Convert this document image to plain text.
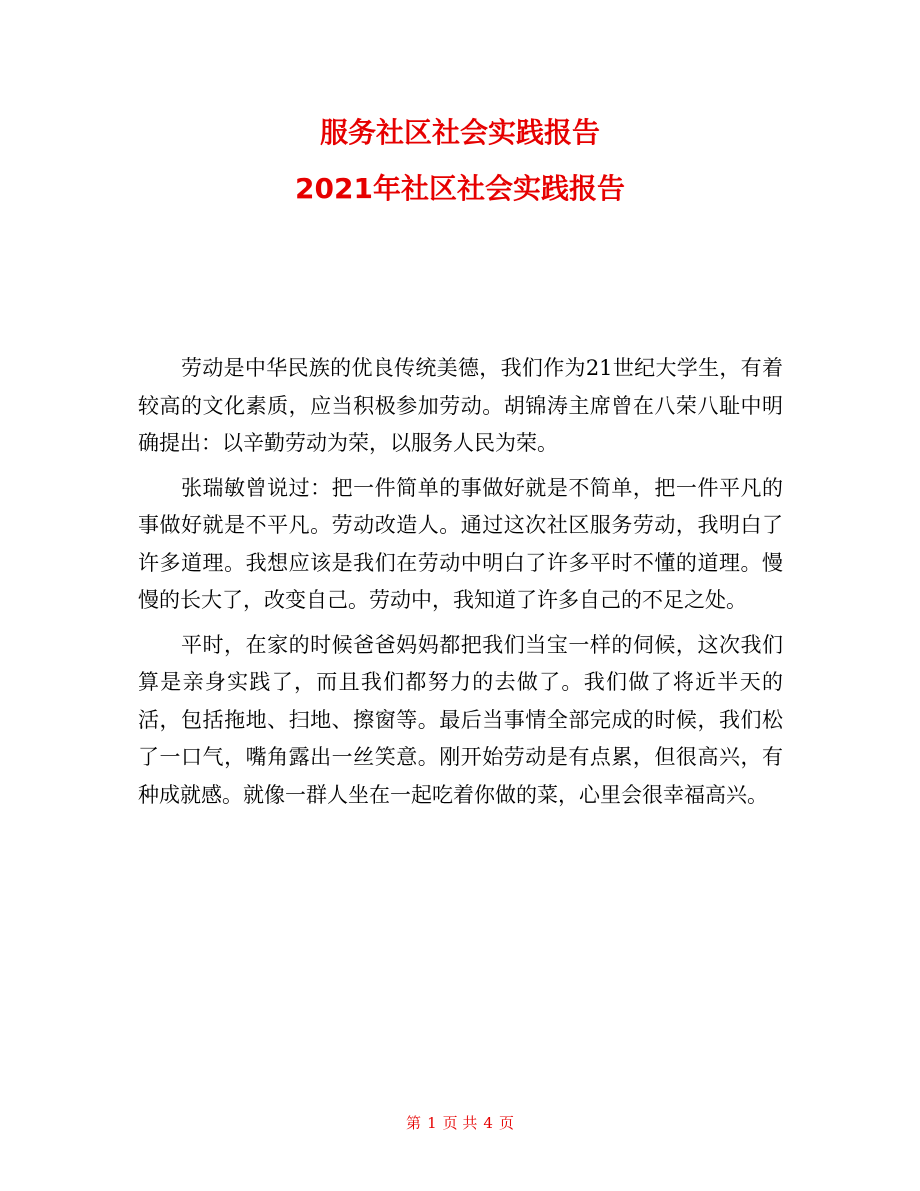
服务社区社会实践报告
2021年社区社会实践报告

劳动是中华民族的优良传统美德，我们作为21世纪大学生，有着较高的文化素质，应当积极参加劳动。胡锦涛主席曾在八荣八耻中明确提出：以辛勤劳动为荣，以服务人民为荣。

张瑞敏曾说过：把一件简单的事做好就是不简单，把一件平凡的事做好就是不平凡。劳动改造人。通过这次社区服务劳动，我明白了许多道理。我想应该是我们在劳动中明白了许多平时不懂的道理。慢慢的长大了，改变自己。劳动中，我知道了许多自己的不足之处。

平时，在家的时候爸爸妈妈都把我们当宝一样的伺候，这次我们算是亲身实践了，而且我们都努力的去做了。我们做了将近半天的活，包括拖地、扫地、擦窗等。最后当事情全部完成的时候，我们松了一口气，嘴角露出一丝笑意。刚开始劳动是有点累，但很高兴，有种成就感。就像一群人坐在一起吃着你做的菜，心里会很幸福高兴。

第 1 页 共 4 页
